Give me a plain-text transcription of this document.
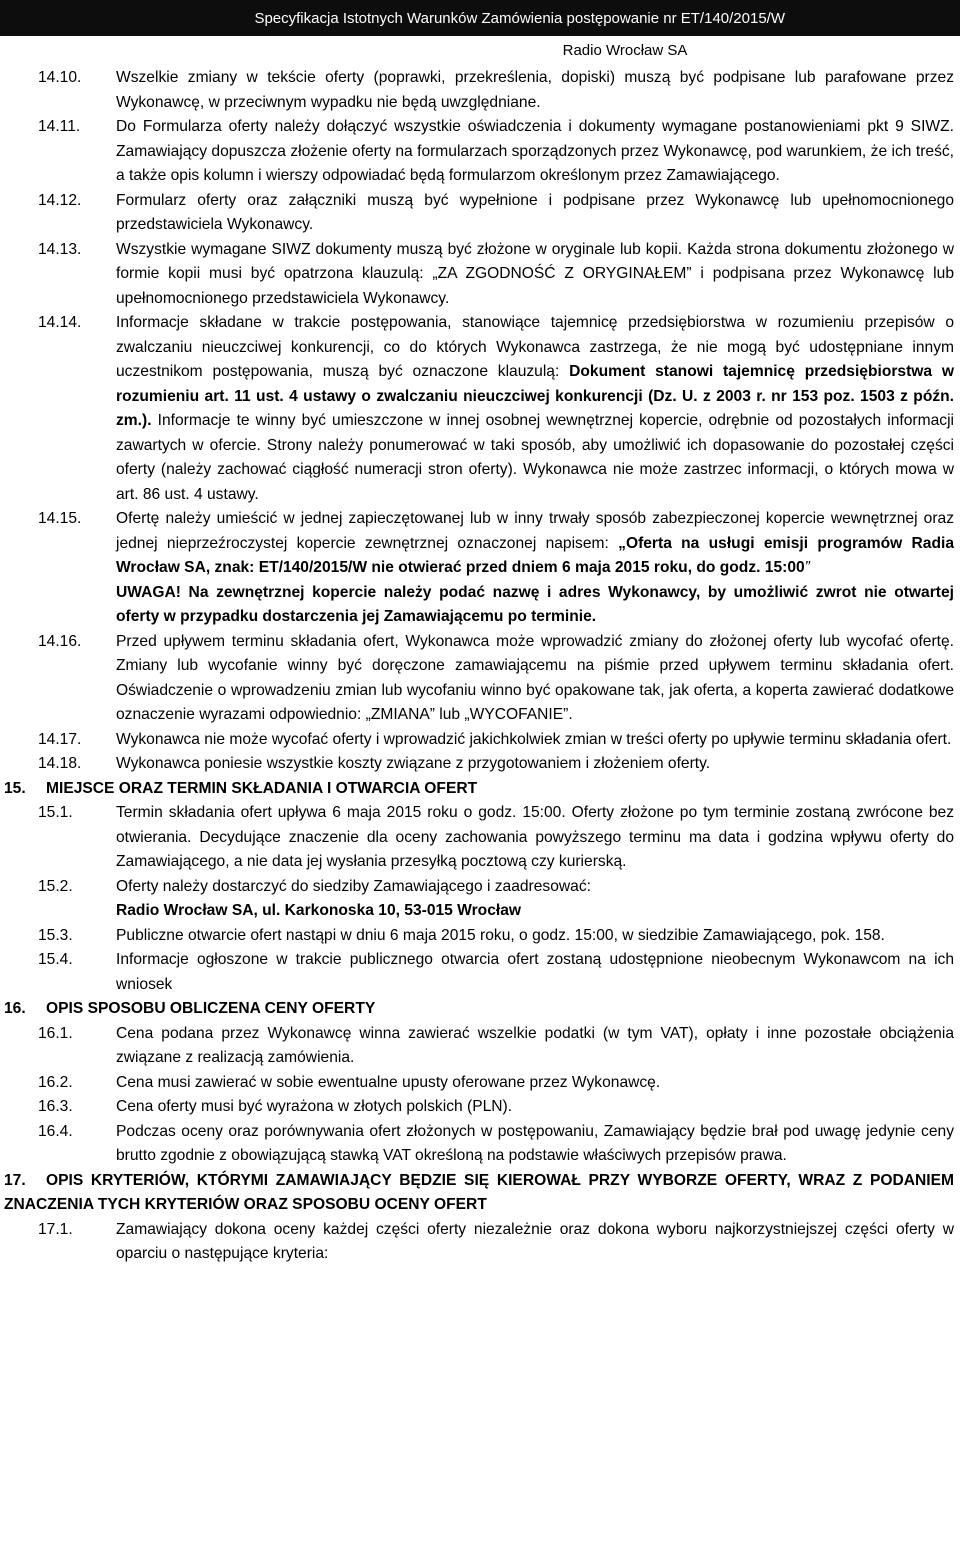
Specyfikacja Istotnych Warunków Zamówienia postępowanie nr ET/140/2015/W
Radio Wrocław SA
14.10.	Wszelkie zmiany w tekście oferty (poprawki, przekreślenia, dopiski) muszą być podpisane lub parafowane przez Wykonawcę, w przeciwnym wypadku nie będą uwzględniane.
14.11.	Do Formularza oferty należy dołączyć wszystkie oświadczenia i dokumenty wymagane postanowieniami pkt 9 SIWZ. Zamawiający dopuszcza złożenie oferty na formularzach sporządzonych przez Wykonawcę, pod warunkiem, że ich treść, a także opis kolumn i wierszy odpowiadać będą formularzom określonym przez Zamawiającego.
14.12.	Formularz oferty oraz załączniki muszą być wypełnione i podpisane przez Wykonawcę lub upełnomocnionego przedstawiciela Wykonawcy.
14.13.	Wszystkie wymagane SIWZ dokumenty muszą być złożone w oryginale lub kopii. Każda strona dokumentu złożonego w formie kopii musi być opatrzona klauzulą: „ZA ZGODNOŚĆ Z ORYGINAŁEM” i podpisana przez Wykonawcę lub upełnomocnionego przedstawiciela Wykonawcy.
14.14.	Informacje składane w trakcie postępowania, stanowiące tajemnicę przedsiębiorstwa w rozumieniu przepisów o zwalczaniu nieuczciwej konkurencji, co do których Wykonawca zastrzega, że nie mogą być udostępniane innym uczestnikom postępowania, muszą być oznaczone klauzulą: Dokument stanowi tajemnicę przedsiębiorstwa w rozumieniu art. 11 ust. 4 ustawy o zwalczaniu nieuczciwej konkurencji (Dz. U. z 2003 r. nr 153 poz. 1503 z późn. zm.). Informacje te winny być umieszczone w innej osobnej wewnętrznej kopercie, odrębnie od pozostałych informacji zawartych w ofercie. Strony należy ponumerować w taki sposób, aby umożliwić ich dopasowanie do pozostałej części oferty (należy zachować ciągłość numeracji stron oferty). Wykonawca nie może zastrzec informacji, o których mowa w art. 86 ust. 4 ustawy.
14.15.	Ofertę należy umieścić w jednej zapieczętowanej lub w inny trwały sposób zabezpieczonej kopercie wewnętrznej oraz jednej nieprzeźroczystej kopercie zewnętrznej oznaczonej napisem: „Oferta na usługi emisji programów Radia Wrocław SA, znak: ET/140/2015/W nie otwierać przed dniem 6 maja 2015 roku, do godz. 15:00”
UWAGA! Na zewnętrznej kopercie należy podać nazwę i adres Wykonawcy, by umożliwić zwrot nie otwartej oferty w przypadku dostarczenia jej Zamawiającemu po terminie.
14.16.	Przed upływem terminu składania ofert, Wykonawca może wprowadzić zmiany do złożonej oferty lub wycofać ofertę. Zmiany lub wycofanie winny być doręczone zamawiającemu na piśmie przed upływem terminu składania ofert. Oświadczenie o wprowadzeniu zmian lub wycofaniu winno być opakowane tak, jak oferta, a koperta zawierać dodatkowe oznaczenie wyrazami odpowiednio: „ZMIANA” lub „WYCOFANIE”.
14.17.	Wykonawca nie może wycofać oferty i wprowadzić jakichkolwiek zmian w treści oferty po upływie terminu składania ofert.
14.18.	Wykonawca poniesie wszystkie koszty związane z przygotowaniem i złożeniem oferty.
15.	MIEJSCE ORAZ TERMIN SKŁADANIA I OTWARCIA OFERT
15.1.	Termin składania ofert upływa 6 maja 2015 roku o godz. 15:00. Oferty złożone po tym terminie zostaną zwrócone bez otwierania. Decydujące znaczenie dla oceny zachowania powyższego terminu ma data i godzina wpływu oferty do Zamawiającego, a nie data jej wysłania przesyłką pocztową czy kurierską.
15.2.	Oferty należy dostarczyć do siedziby Zamawiającego i zaadresować:
Radio Wrocław SA, ul. Karkonoska 10, 53-015 Wrocław
15.3.	Publiczne otwarcie ofert nastąpi w dniu 6 maja 2015 roku, o godz. 15:00, w siedzibie Zamawiającego, pok. 158.
15.4.	Informacje ogłoszone w trakcie publicznego otwarcia ofert zostaną udostępnione nieobecnym Wykonawcom na ich wniosek
16.	OPIS SPOSOBU OBLICZENA CENY OFERTY
16.1.	Cena podana przez Wykonawcę winna zawierać wszelkie podatki (w tym VAT), opłaty i inne pozostałe obciążenia związane z realizacją zamówienia.
16.2.	Cena musi zawierać w sobie ewentualne upusty oferowane przez Wykonawcę.
16.3.	Cena oferty musi być wyrażona w złotych polskich (PLN).
16.4.	Podczas oceny oraz porównywania ofert złożonych w postępowaniu, Zamawiający będzie brał pod uwagę jedynie ceny brutto zgodnie z obowiązującą stawką VAT określoną na podstawie właściwych przepisów prawa.
17. OPIS KRYTERIÓW, KTÓRYMI ZAMAWIAJĄCY BĘDZIE SIĘ KIEROWAŁ PRZY WYBORZE OFERTY, WRAZ Z PODANIEM ZNACZENIA TYCH KRYTERIÓW ORAZ SPOSOBU OCENY OFERT
17.1.	Zamawiający dokona oceny każdej części oferty niezależnie oraz dokona wyboru najkorzystniejszej części oferty w oparciu o następujące kryteria:
